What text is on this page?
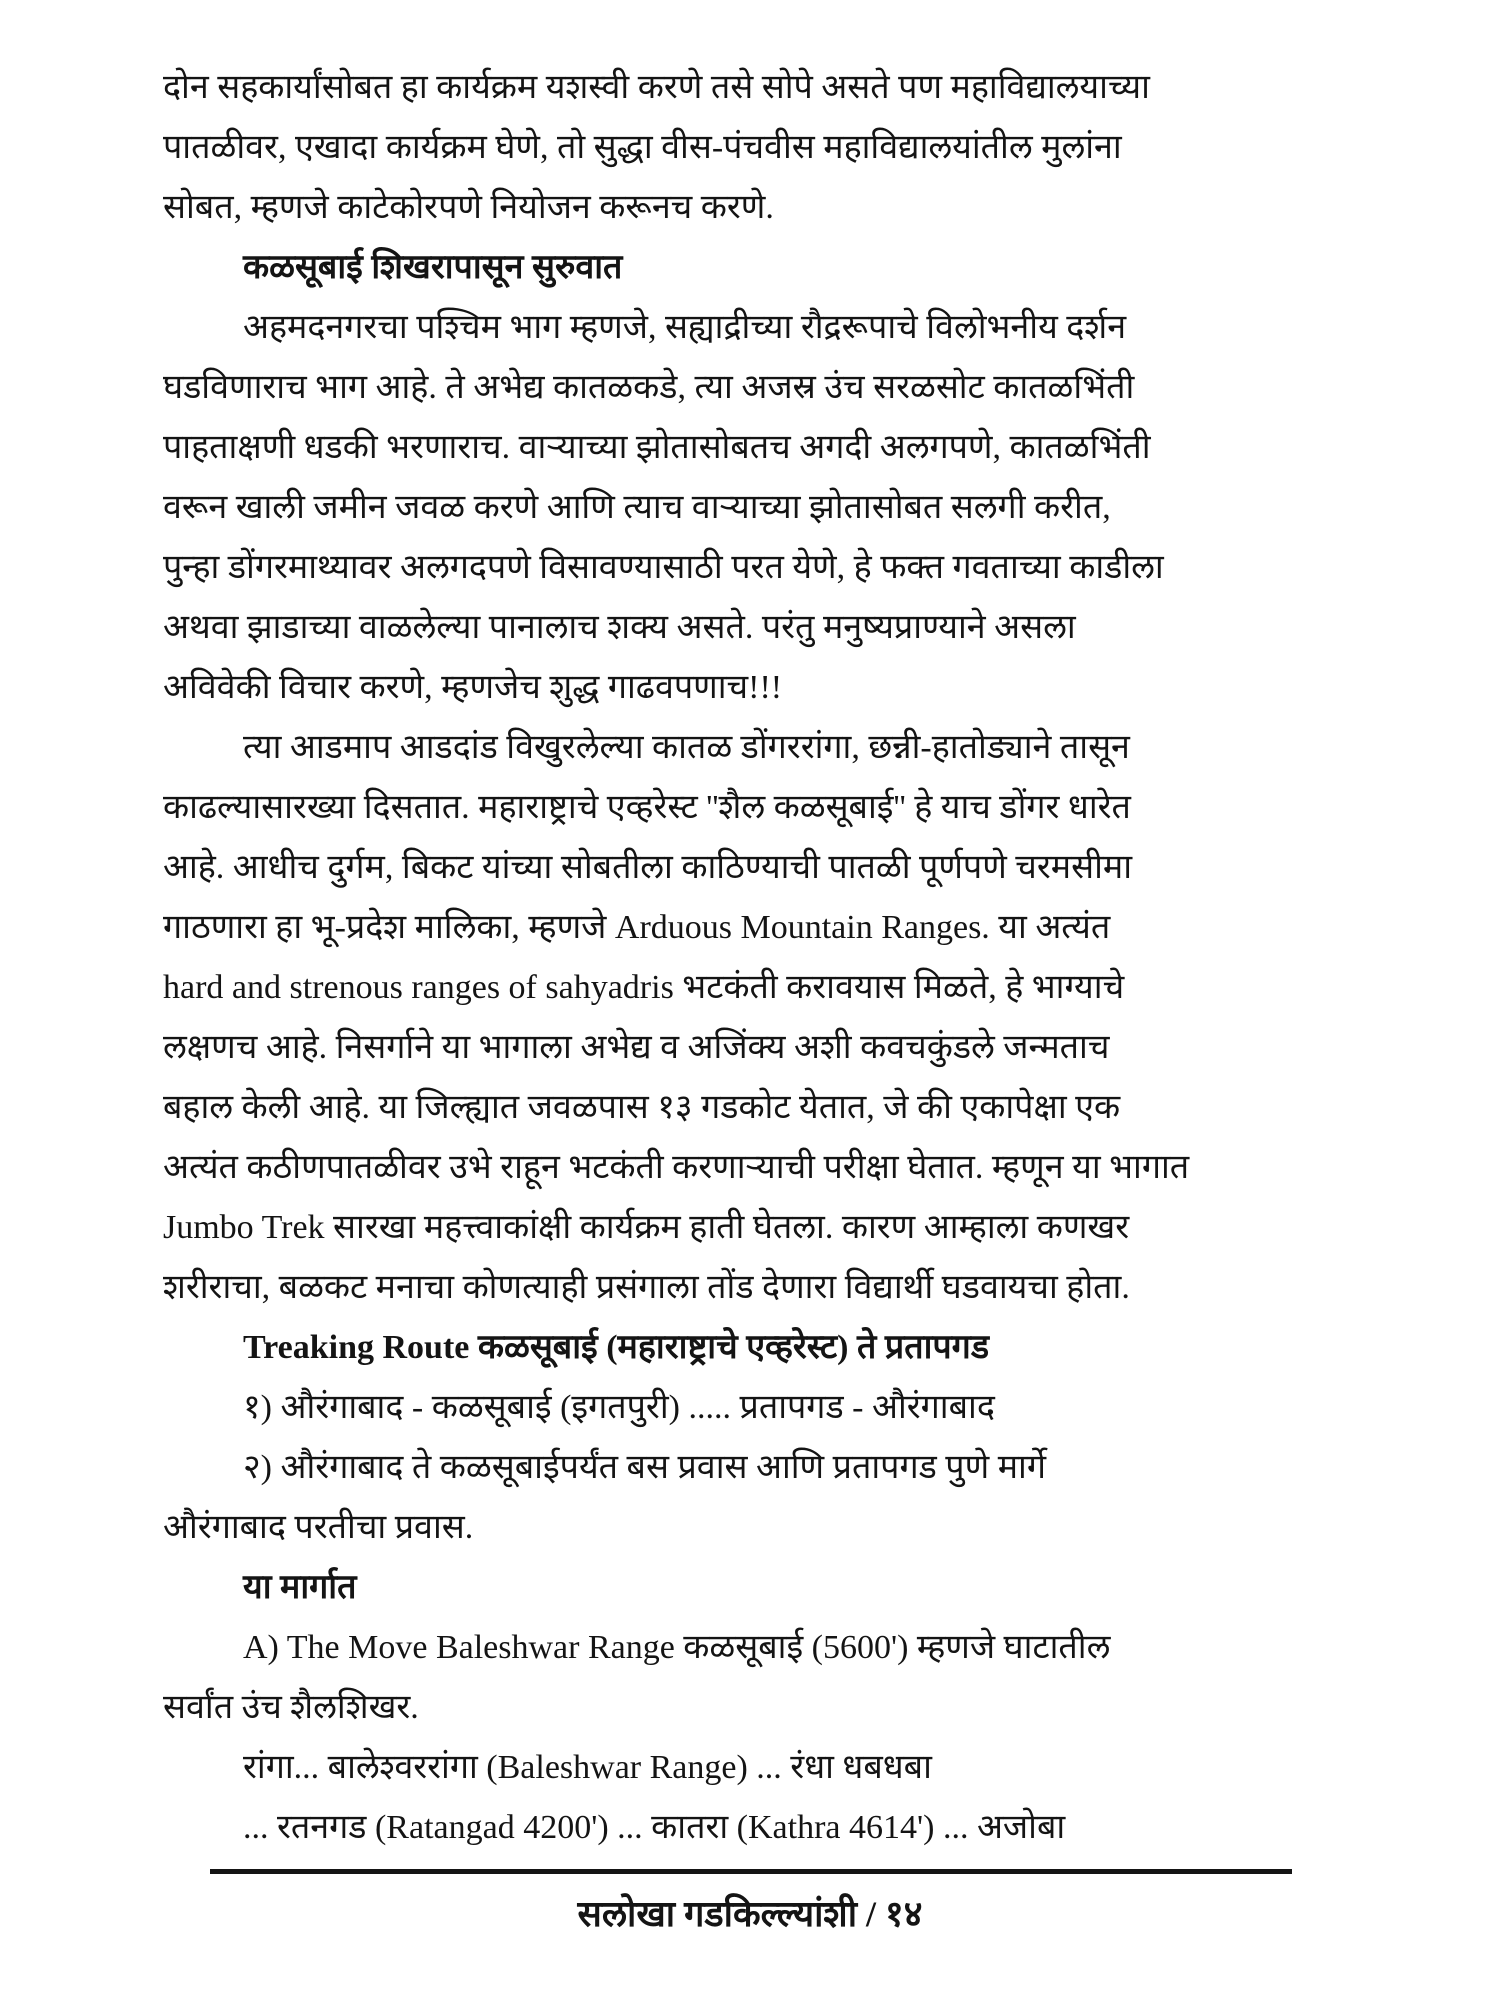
दोन सहकार्यांसोबत हा कार्यक्रम यशस्वी करणे तसे सोपे असते पण महाविद्यालयाच्या
पातळीवर, एखादा कार्यक्रम घेणे, तो सुद्धा वीस-पंचवीस महाविद्यालयांतील मुलांना
सोबत, म्हणजे काटेकोरपणे नियोजन करूनच करणे.
कळसूबाई शिखरापासून सुरुवात
अहमदनगरचा पश्चिम भाग म्हणजे, सह्याद्रीच्या रौद्ररूपाचे विलोभनीय दर्शन
घडविणाराच भाग आहे. ते अभेद्य कातळकडे, त्या अजस्र उंच सरळसोट कातळभिंती
पाहताक्षणी धडकी भरणाराच. वाऱ्याच्या झोतासोबतच अगदी अलगपणे, कातळभिंती
वरून खाली जमीन जवळ करणे आणि त्याच वाऱ्याच्या झोतासोबत सलगी करीत,
पुन्हा डोंगरमाथ्यावर अलगदपणे विसावण्यासाठी परत येणे, हे फक्त गवताच्या काडीला
अथवा झाडाच्या वाळलेल्या पानालाच शक्य असते. परंतु मनुष्यप्राण्याने असला
अविवेकी विचार करणे, म्हणजेच शुद्ध गाढवपणाच!!!
त्या आडमाप आडदांड विखुरलेल्या कातळ डोंगररांगा, छन्नी-हातोड्याने तासून
काढल्यासारख्या दिसतात. महाराष्ट्राचे एव्हरेस्ट ''शैल कळसूबाई'' हे याच डोंगर धारेत
आहे. आधीच दुर्गम, बिकट यांच्या सोबतीला काठिण्याची पातळी पूर्णपणे चरमसीमा
गाठणारा हा भू-प्रदेश मालिका, म्हणजे Arduous Mountain Ranges. या अत्यंत
hard and strenous ranges of sahyadris भटकंती करावयास मिळते, हे भाग्याचे
लक्षणच आहे. निसर्गाने या भागाला अभेद्य व अजिंक्य अशी कवचकुंडले जन्मताच
बहाल केली आहे. या जिल्ह्यात जवळपास १३ गडकोट येतात, जे की एकापेक्षा एक
अत्यंत कठीणपातळीवर उभे राहून भटकंती करणाऱ्याची परीक्षा घेतात. म्हणून या भागात
Jumbo Trek सारखा महत्त्वाकांक्षी कार्यक्रम हाती घेतला. कारण आम्हाला कणखर
शरीराचा, बळकट मनाचा कोणत्याही प्रसंगाला तोंड देणारा विद्यार्थी घडवायचा होता.
Treaking Route कळसूबाई (महाराष्ट्राचे एव्हरेस्ट) ते प्रतापगड
१) औरंगाबाद - कळसूबाई (इगतपुरी) ..... प्रतापगड - औरंगाबाद
२) औरंगाबाद ते कळसूबाईपर्यंत बस प्रवास आणि प्रतापगड पुणे मार्गे
औरंगाबाद परतीचा प्रवास.
या मार्गात
A) The Move Baleshwar Range कळसूबाई (5600') म्हणजे घाटातील
सर्वांत उंच शैलशिखर.
रांगा... बालेश्वररांगा (Baleshwar Range) ... रंधा धबधबा
... रतनगड (Ratangad 4200') ... कातरा (Kathra 4614') ... अजोबा
सलोखा गडकिल्ल्यांशी / १४
